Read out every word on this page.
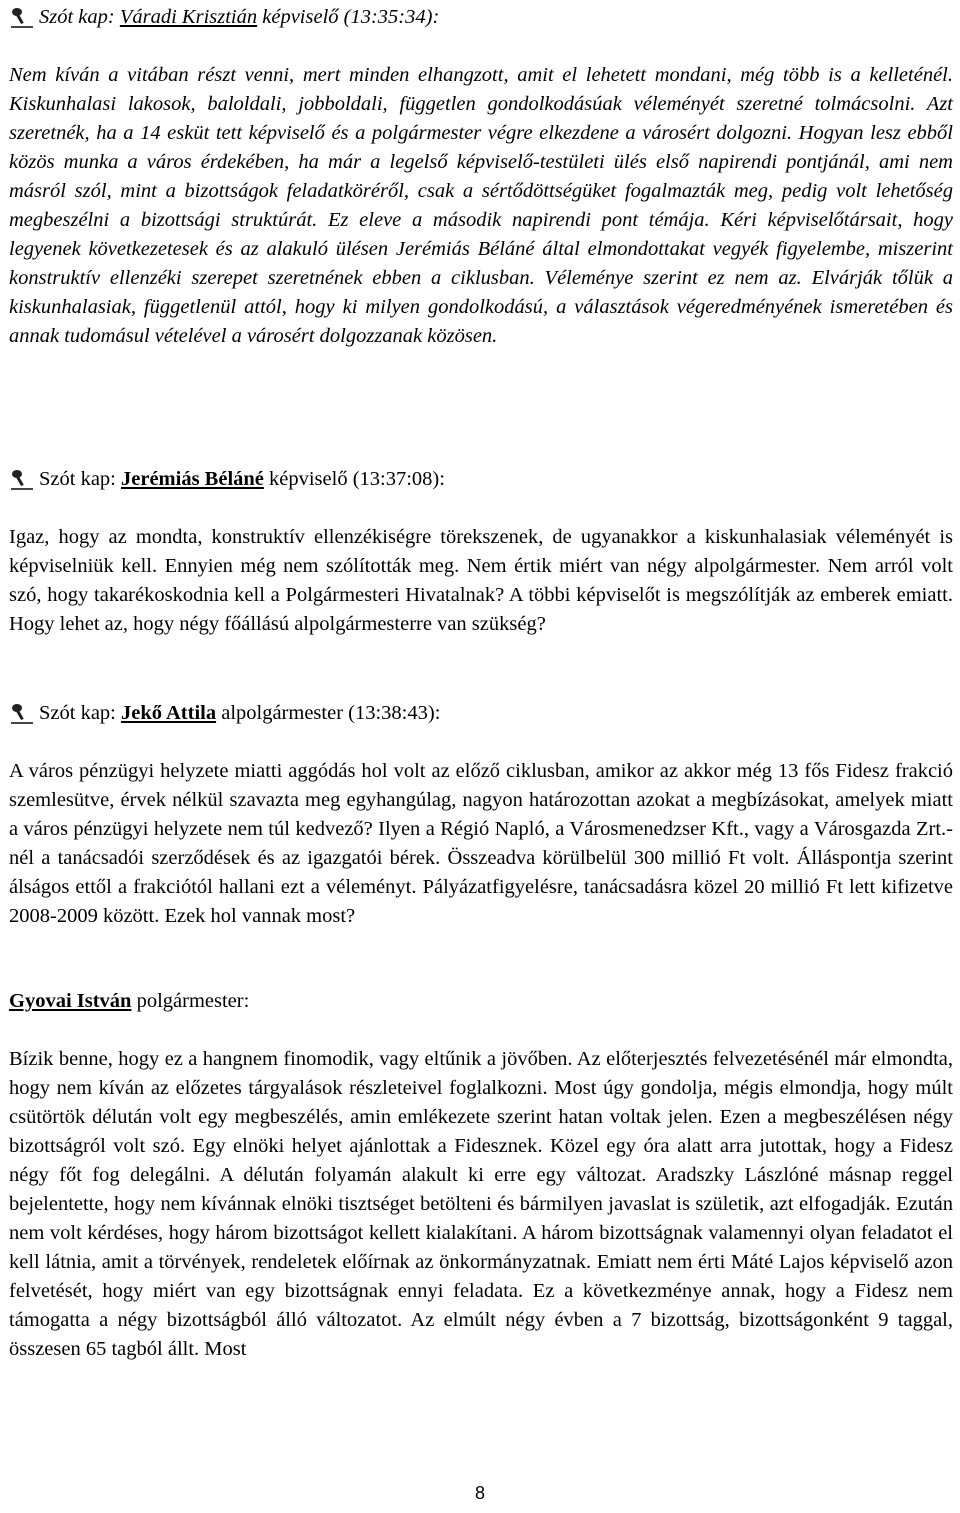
Szót kap:
Váradi Krisztián
képviselő (13:35:34):

Nem kíván a vitában részt venni, mert minden elhangzott, amit el lehetett mondani, még több is a kelleténél. Kiskunhalasi lakosok, baloldali, jobboldali, független gondolkodásúak véleményét szeretné tolmácsolni. Azt szeretnék, ha a 14 esküt tett képviselő és a polgármester végre elkezdene a városért dolgozni. Hogyan lesz ebből közös munka a város érdekében, ha már a legelső képviselő-testületi ülés első napirendi pontjánál, ami nem másról szól, mint a bizottságok feladatköréről, csak a sértődöttségüket fogalmazták meg, pedig volt lehetőség megbeszélni a bizottsági struktúrát. Ez eleve a második napirendi pont témája. Kéri képviselőtársait, hogy legyenek következetesek és az alakuló ülésen Jerémiás Béláné által elmondottakat vegyék figyelembe, miszerint konstruktív ellenzéki szerepet szeretnének ebben a ciklusban. Véleménye szerint ez nem az. Elvárják tőlük a kiskunhalasiak, függetlenül attól, hogy ki milyen gondolkodású, a választások végeredményének ismeretében és annak tudomásul vételével a városért dolgozzanak közösen.

Szót kap:
Jerémiás Béláné
képviselő (13:37:08):

Igaz, hogy az mondta, konstruktív ellenzékiségre törekszenek, de ugyanakkor a kiskunhalasiak véleményét is képviselniük kell. Ennyien még nem szólították meg. Nem értik miért van négy alpolgármester. Nem arról volt szó, hogy takarékoskodnia kell a Polgármesteri Hivatalnak? A többi képviselőt is megszólítják az emberek emiatt. Hogy lehet az, hogy négy főállású alpolgármesterre van szükség?

Szót kap:
Jekő Attila
alpolgármester (13:38:43):

A város pénzügyi helyzete miatti aggódás hol volt az előző ciklusban, amikor az akkor még 13 fős Fidesz frakció szemlesütve, érvek nélkül szavazta meg egyhangúlag, nagyon határozottan azokat a megbízásokat, amelyek miatt a város pénzügyi helyzete nem túl kedvező? Ilyen a Régió Napló, a Városmenedzser Kft., vagy a Városgazda Zrt.-nél a tanácsadói szerződések és az igazgatói bérek. Összeadva körülbelül 300 millió Ft volt. Álláspontja szerint álságos ettől a frakciótól hallani ezt a véleményt. Pályázatfigyelésre, tanácsadásra közel 20 millió Ft lett kifizetve 2008-2009 között. Ezek hol vannak most?

Gyovai István
polgármester:

Bízik benne, hogy ez a hangnem finomodik, vagy eltűnik a jövőben. Az előterjesztés felvezetésénél már elmondta, hogy nem kíván az előzetes tárgyalások részleteivel foglalkozni. Most úgy gondolja, mégis elmondja, hogy múlt csütörtök délután volt egy megbeszélés, amin emlékezete szerint hatan voltak jelen. Ezen a megbeszélésen négy bizottságról volt szó. Egy elnöki helyet ajánlottak a Fidesznek. Közel egy óra alatt arra jutottak, hogy a Fidesz négy főt fog delegálni. A délután folyamán alakult ki erre egy változat. Aradszky Lászlóné másnap reggel bejelentette, hogy nem kívánnak elnöki tisztséget betölteni és bármilyen javaslat is születik, azt elfogadják. Ezután nem volt kérdéses, hogy három bizottságot kellett kialakítani. A három bizottságnak valamennyi olyan feladatot el kell látnia, amit a törvények, rendeletek előírnak az önkormányzatnak. Emiatt nem érti Máté Lajos képviselő azon felvetését, hogy miért van egy bizottságnak ennyi feladata. Ez a következménye annak, hogy a Fidesz nem támogatta a négy bizottságból álló változatot. Az elmúlt négy évben a 7 bizottság, bizottságonként 9 taggal, összesen 65 tagból állt. Most

8
